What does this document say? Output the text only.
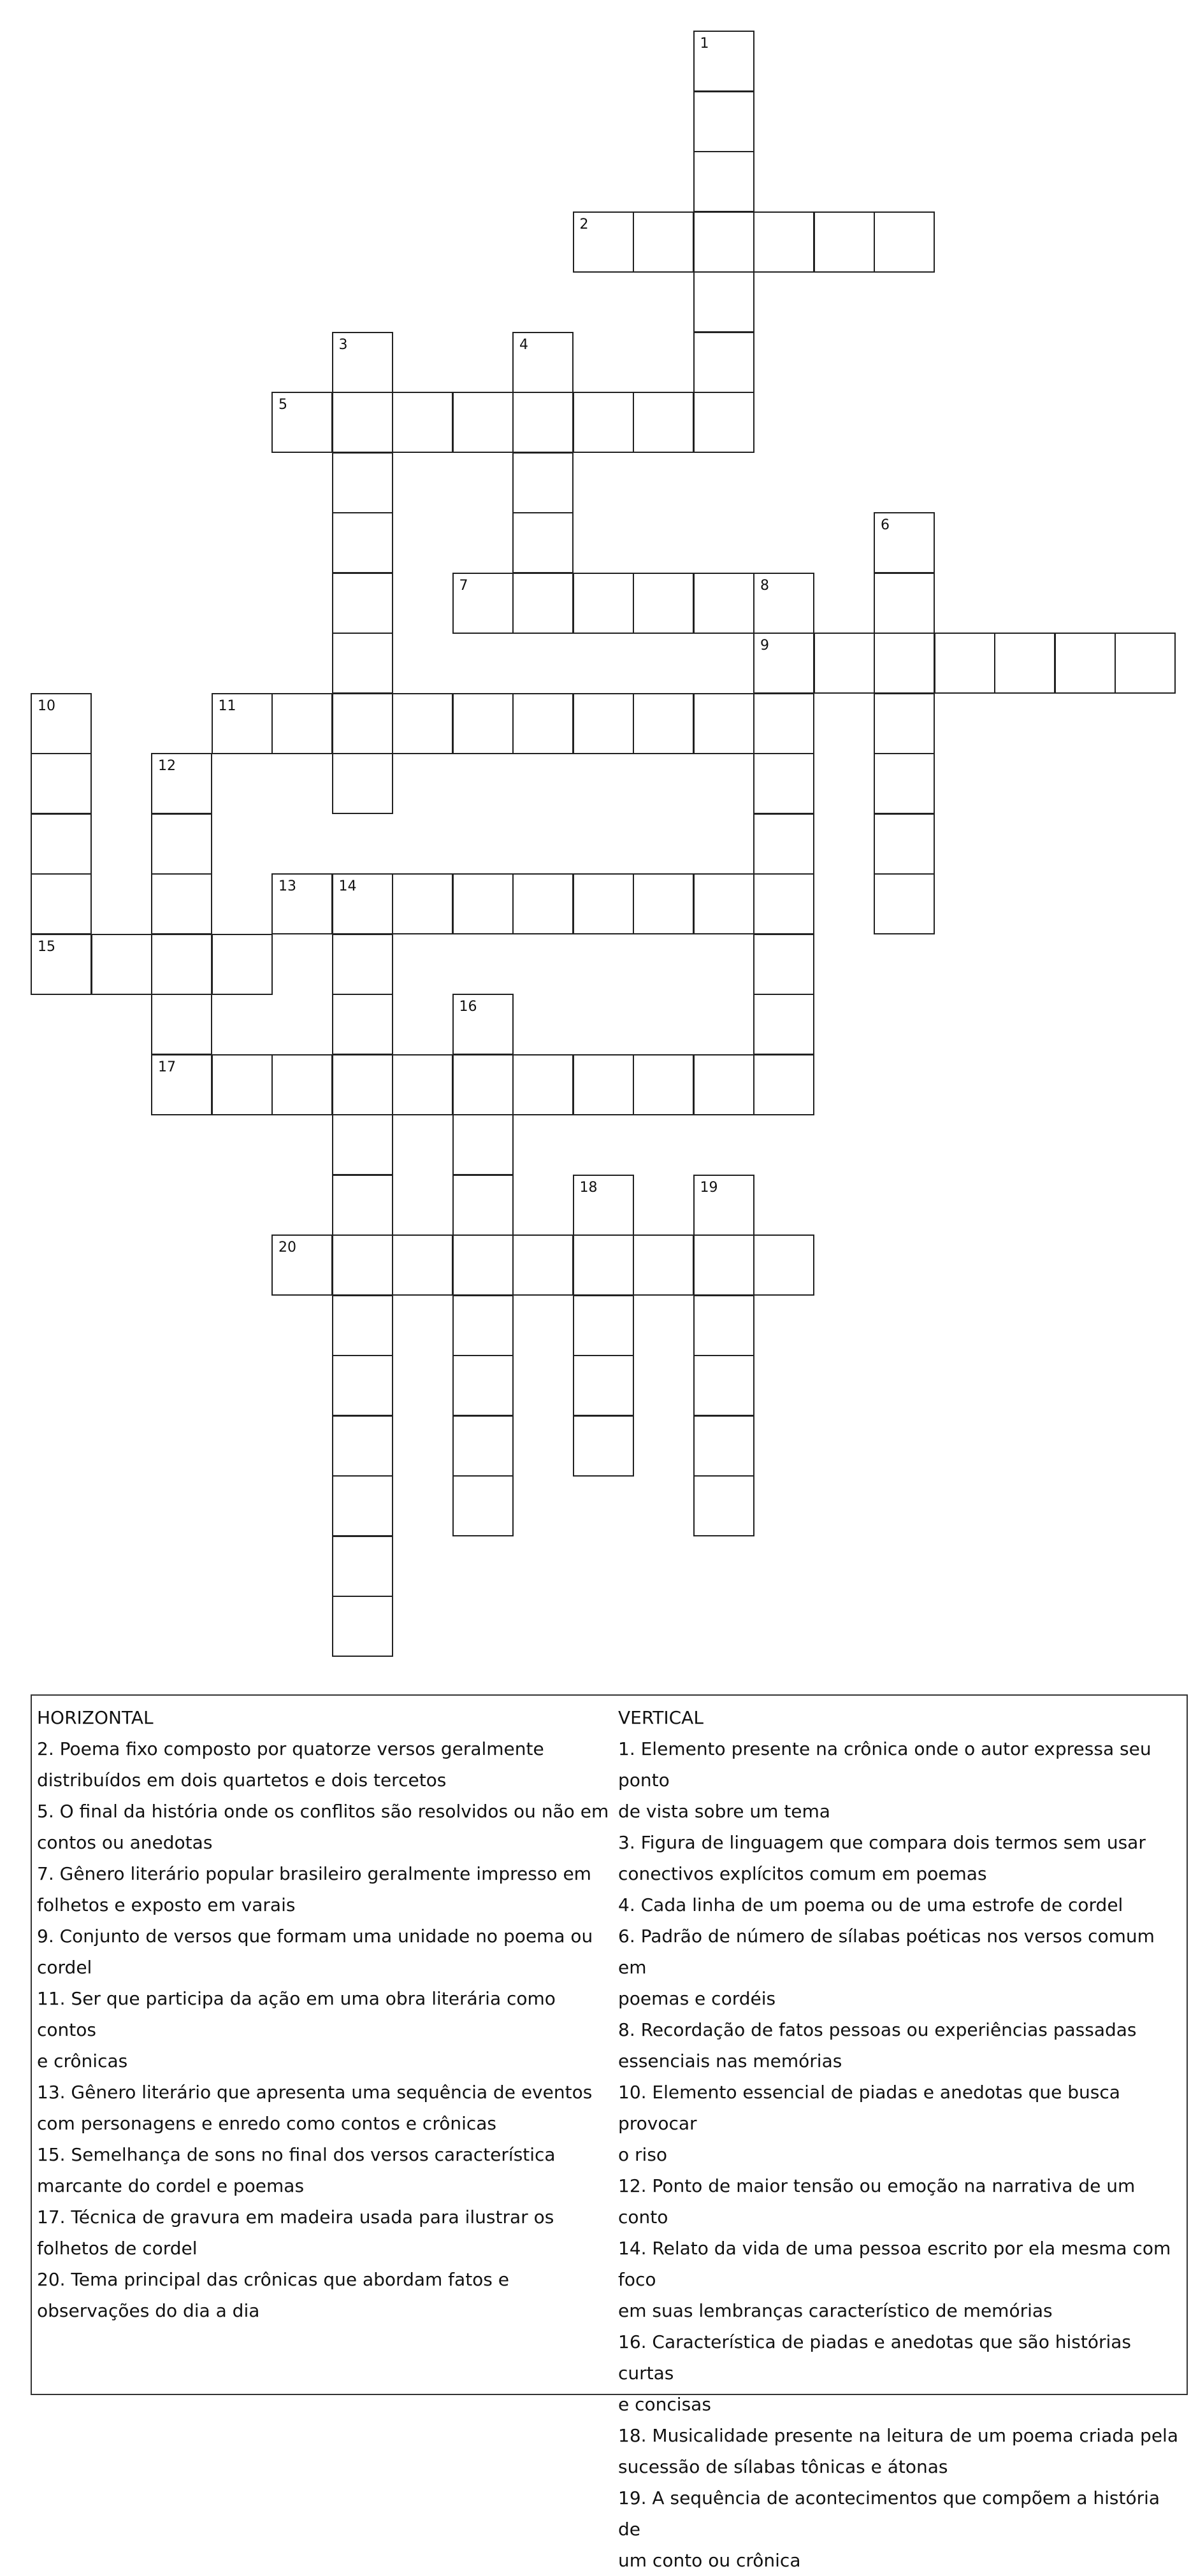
1
2
3	4
5
6
7	8
9
10
15
11
12
17
13	14
16
18	19
20

HORIZONTAL

2. Poema fixo composto por quatorze versos geralmente

distribuídos em dois quartetos e dois tercetos

5. O final da história onde os conflitos são resolvidos ou não em

contos ou anedotas

7. Gênero literário popular brasileiro geralmente impresso em

folhetos e exposto em varais

9. Conjunto de versos que formam uma unidade no poema ou

cordel

11. Ser que participa da ação em uma obra literária como contos

e crônicas

13. Gênero literário que apresenta uma sequência de eventos

com personagens e enredo como contos e crônicas

15. Semelhança de sons no final dos versos característica

marcante do cordel e poemas

17. Técnica de gravura em madeira usada para ilustrar os

folhetos de cordel

20. Tema principal das crônicas que abordam fatos e

observações do dia a dia

VERTICAL

1. Elemento presente na crônica onde o autor expressa seu ponto

de vista sobre um tema

3. Figura de linguagem que compara dois termos sem usar

conectivos explícitos comum em poemas

4. Cada linha de um poema ou de uma estrofe de cordel

6. Padrão de número de sílabas poéticas nos versos comum em

poemas e cordéis

8. Recordação de fatos pessoas ou experiências passadas

essenciais nas memórias

10. Elemento essencial de piadas e anedotas que busca provocar

o riso

12. Ponto de maior tensão ou emoção na narrativa de um conto

14. Relato da vida de uma pessoa escrito por ela mesma com foco

em suas lembranças característico de memórias

16. Característica de piadas e anedotas que são histórias curtas

e concisas

18. Musicalidade presente na leitura de um poema criada pela

sucessão de sílabas tônicas e átonas

19. A sequência de acontecimentos que compõem a história de

um conto ou crônica
